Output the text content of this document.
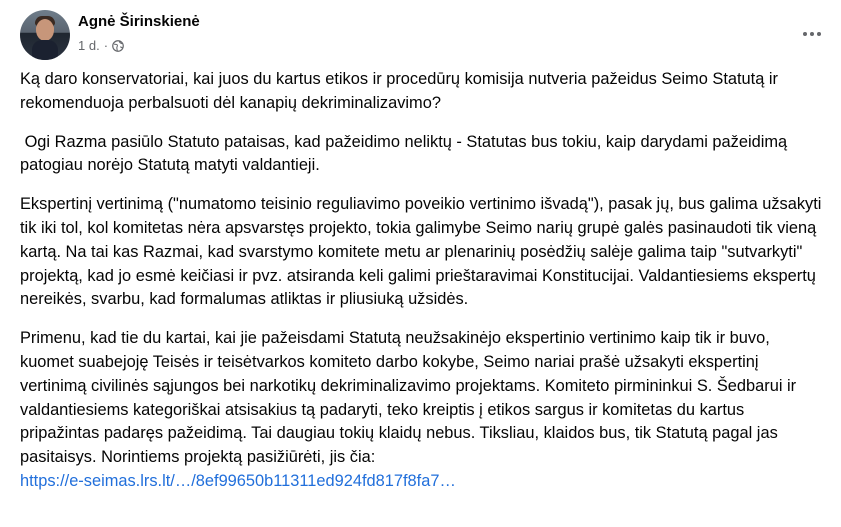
Agnė Širinskienė
1 d. ·

Ką daro konservatoriai, kai juos du kartus etikos ir procedūrų komisija nutveria pažeidus Seimo Statutą ir rekomenduoja perbalsuoti dėl kanapių dekriminalizavimo?

Ogi Razma pasiūlo Statuto pataisas, kad pažeidimo neliktų - Statutas bus tokiu, kaip darydami pažeidimą patogiau norėjo Statutą matyti valdantieji.

Ekspertinį vertinimą ("numatomo teisinio reguliavimo poveikio vertinimo išvadą"), pasak jų, bus galima užsakyti tik iki tol, kol komitetas nėra apsvarstęs projekto, tokia galimybe Seimo narių grupė galės pasinaudoti tik vieną kartą. Na tai kas Razmai, kad svarstymo komitete metu ar plenarinių posėdžių salėje galima taip "sutvarkyti" projektą, kad jo esmė keičiasi ir pvz. atsiranda keli galimi prieštaravimai Konstitucijai. Valdantiesiems ekspertų nereikės, svarbu, kad formalumas atliktas ir pliusiuką užsidės.

Primenu, kad tie du kartai, kai jie pažeisdami Statutą neužsakinėjo ekspertinio vertinimo kaip tik ir buvo, kuomet suabejoję Teisės ir teisėtvarkos komiteto darbo kokybe, Seimo nariai prašė užsakyti ekspertinį vertinimą civilinės sąjungos bei narkotikų dekriminalizavimo projektams. Komiteto pirmininkui S. Šedbarui ir valdantiesiems kategoriškai atsisakius tą padaryti, teko kreiptis į etikos sargus ir komitetas du kartus pripažintas padaręs pažeidimą. Tai daugiau tokių klaidų nebus. Tiksliau, klaidos bus, tik Statutą pagal jas pasitaisys. Norintiems projektą pasižiūrėti, jis čia:
https://e-seimas.lrs.lt/…/8ef99650b11311ed924fd817f8fa7…
